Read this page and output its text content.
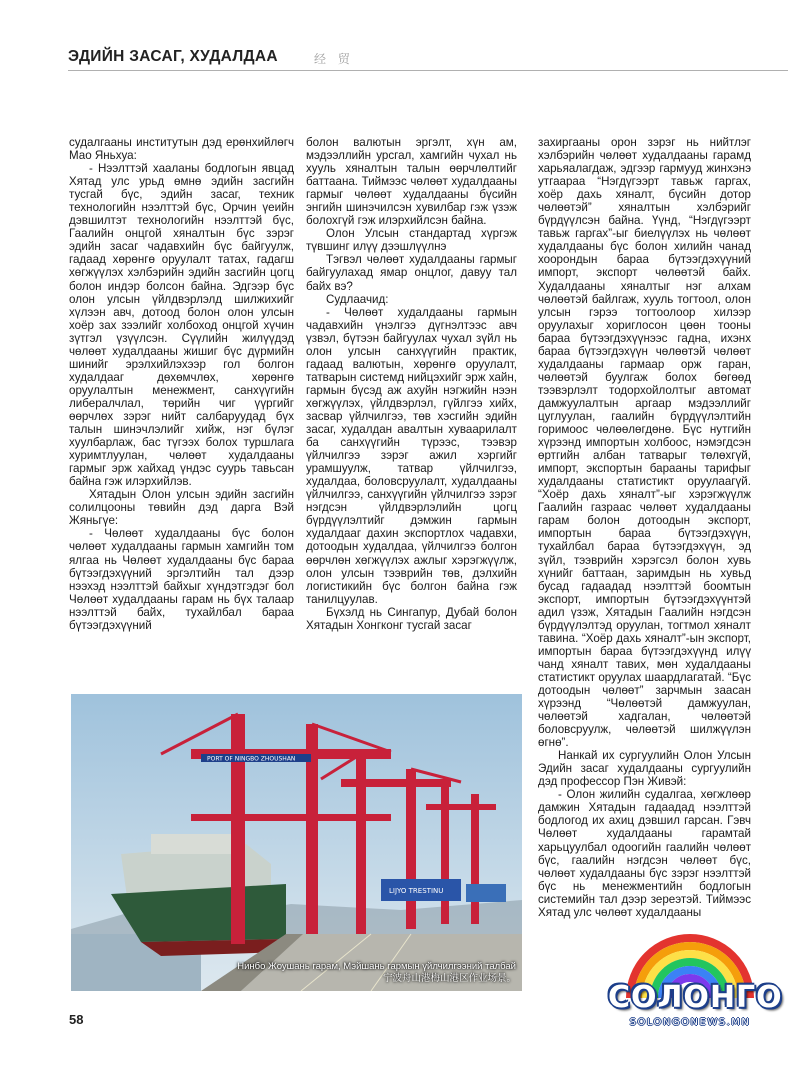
ЭДИЙН ЗАСАГ, ХУДАЛДАА	经 贸

судалгааны институтын дэд ерөнхийлөгч Мао Яньхуа:

- Нээлттэй хааланы бодлогын явцад Хятад улс урьд өмнө эдийн засгийн тусгай бүс, эдийн засаг, техник технологийн нээлттэй бүс, Орчин үеийн дэвшилтэт технологийн нээлттэй бүс, Гаалийн онцгой хяналтын бүс зэрэг эдийн засаг чадавхийн бүс байгуулж, гадаад хөрөнгө оруулалт татах, гадагш хөгжүүлэх хэлбэрийн эдийн засгийн цогц болон индэр болсон байна. Эдгээр бүс олон улсын үйлдвэрлэлд шилжихийг хүлээн авч, дотоод болон олон улсын хоёр зах зээлийг холбоход онцгой хүчин зүтгэл үзүүлсэн. Сүүлийн жилүүдэд чөлөөт худалдааны жишиг бүс дүрмийн шинийг эрэлхийлэхээр гол болгон худалдааг дөхөмчлөх, хөрөнгө оруулалтын менежмент, санхүүгийн либералчлал, төрийн чиг үүргийг өөрчлөх зэрэг нийт салбаруудад бүх талын шинэчлэлийг хийж, нэг бүлэг хуулбарлаж, бас түгээх болох туршлага хуримтлуулан, чөлөөт худалдааны гармыг эрж хайхад үндэс суурь тавьсан байна гэж илэрхийлэв.

Хятадын Олон улсын эдийн засгийн солилцооны төвийн дэд дарга Вэй Жяньгүе:

- Чөлөөт худалдааны бүс болон чөлөөт худалдааны гармын хамгийн том ялгаа нь Чөлөөт худалдааны бүс бараа бүтээгдэхүүний эргэлтийн тал дээр нээхэд нээлттэй байхыг хүндэтгэдэг бол Чөлөөт худалдааны гарам нь бүх талаар нээлттэй байх, тухайлбал бараа бүтээгдэхүүний

болон валютын эргэлт, хүн ам, мэдээллийн урсгал, хамгийн чухал нь хууль хяналтын талын өөрчлөлтийг баттаана. Тиймээс чөлөөт худалдааны гармыг чөлөөт худалдааны бүсийн энгийн шинэчилсэн хувилбар гэж үзэж болохгүй гэж илэрхийлсэн байна.

Олон Улсын стандартад хүргэж түвшинг илүү дээшлүүлнэ

Тэгвэл чөлөөт худалдааны гармыг байгуулахад ямар онцлог, давуу тал байх вэ?

Судлаачид:

- Чөлөөт худалдааны гармын чадавхийн үнэлгээ дүгнэлтээс авч үзвэл, бүтээн байгуулах чухал зүйл нь олон улсын санхүүгийн практик, гадаад валютын, хөрөнгө оруулалт, татварын системд нийцэхийг эрж хайн, гармын бүсэд аж ахуйн нэгжийн нээн хөгжүүлэх, үйлдвэрлэл, гүйлгээ хийх, засвар үйлчилгээ, төв хэсгийн эдийн засаг, худалдан авалтын хуваарилалт ба санхүүгийн түрээс, тээвэр үйлчилгээ зэрэг ажил хэргийг урамшуулж, татвар үйлчилгээ, худалдаа, боловсруулалт, худалдааны үйлчилгээ, санхүүгийн үйлчилгээ зэрэг нэгдсэн үйлдвэрлэлийн цогц бүрдүүлэлтийг дэмжин гармын худалдааг дахин экспортлох чадавхи, дотоодын худалдаа, үйлчилгээ болгон өөрчлөн хөгжүүлэх ажлыг хэрэгжүүлж, олон улсын тээврийн төв, дэлхийн логистикийн бүс болгон байна гэж танилцуулав.

Бүхэлд нь Сингапур, Дубай болон Хятадын Хонгконг тусгай засаг

захиргааны орон зэрэг нь нийтлэг хэлбэрийн чөлөөт худалдааны гарамд харьяалагдаж, эдгээр гармууд жинхэнэ утгаараа “Нэгдүгээрт тавьж гаргах, хоёр дахь хяналт, бүсийн дотор чөлөөтэй” хяналтын хэлбэрийг бүрдүүлсэн байна. Үүнд, “Нэгдүгээрт тавьж гаргах”-ыг биелүүлэх нь чөлөөт худалдааны бүс болон хилийн чанад хоорондын бараа бүтээгдэхүүний импорт, экспорт чөлөөтэй байх. Худалдааны хяналтыг нэг алхам чөлөөтэй байлгаж, хууль тогтоол, олон улсын гэрээ тогтоолоор хилээр оруулахыг хориглосон цөөн тооны бараа бүтээгдэхүүнээс гадна, ихэнх бараа бүтээгдэхүүн чөлөөтэй чөлөөт худалдааны гармаар орж гаран, чөлөөтэй буулгаж болох бөгөөд тээвэрлэлт тодорхойлолтыг автомат дамжуулалтын аргаар мэдээллийг цуглуулан, гаалийн бүрдүүлэлтийн горимоос чөлөөлөгдөнө. Бүс нутгийн хүрээнд импортын холбоос, нэмэгдсэн өртгийн албан татварыг төлөхгүй, импорт, экспортын барааны тарифыг худалдааны статистикт оруулаагүй. “Хоёр дахь хяналт”-ыг хэрэгжүүлж Гаалийн газраас чөлөөт худалдааны гарам болон дотоодын экспорт, импортын бараа бүтээгдэхүүн, тухайлбал бараа бүтээгдэхүүн, эд зүйл, тээврийн хэрэгсэл болон хувь хүнийг баттаан, заримдын нь хувьд бусад гадаадад нээлттэй боомтын экспорт, импортын бүтээгдэхүүнтэй адил үзэж, Хятадын Гаалийн нэгдсэн бүрдүүлэлтэд оруулан, тогтмол хяналт тавина. “Хоёр дахь хяналт”-ын экспорт, импортын бараа бүтээгдэхүүнд илүү чанд хяналт тавих, мөн худалдааны статистикт оруулах шаардлагатай. “Бүс дотоодын чөлөөт” зарчмын заасан хүрээнд “Чөлөөтэй дамжуулан, чөлөөтэй хадгалан, чөлөөтэй боловсруулж, чөлөөтэй шилжүүлэн өгнө”.

Нанкай их сургуулийн Олон Улсын Эдийн засаг худалдааны сургуулийн дэд профессор Пэн Живэй:

- Олон жилийн судалгаа, хөгжлөөр дамжин Хятадын гадаадад нээлттэй бодлогод их ахиц дэвшил гарсан. Гэвч Чөлөөт худалдааны гарамтай харьцуулбал одоогийн гаалийн чөлөөт бүс, гаалийн нэгдсэн чөлөөт бүс, чөлөөт худалдааны бүс зэрэг нээлттэй бүс нь менежментийн бодлогын системийн тал дээр зереэтэй. Тиймээс Хятад улс чөлөөт худалдааны

PORT OF NINGBO ZHOUSHAN
LIJYO TRESTINU
Нинбо Жоушань гарам, Мэйшань гармын үйлчилгээний талбай
宁波舟山港梅山港区作业场景。
58
СОЛОНГО
SOLONGONEWS.MN
